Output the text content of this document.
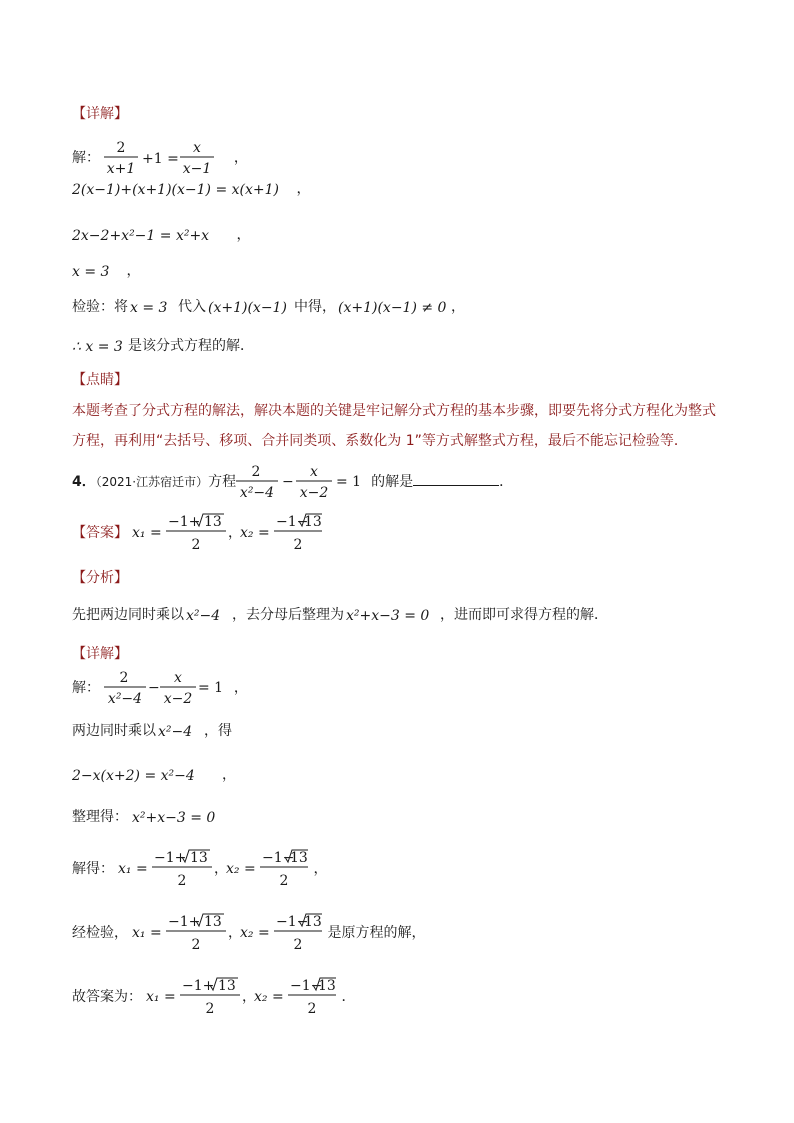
【详解】
解：
2
x+1
+1 =
x
x−1
，
2(x−1)+(x+1)(x−1) = x(x+1) ，
2x−2+x²−1 = x²+x ，
x = 3 ，
检验：将 x = 3 代入 (x+1)(x−1) 中得， (x+1)(x−1) ≠ 0 ，
∴ x = 3 是该分式方程的解．
【点睛】
本题考查了分式方程的解法，解决本题的关键是牢记解分式方程的基本步骤，即要先将分式方程化为整式方程，再利用“去括号、移项、合并同类项、系数化为 1”等方式解整式方程，最后不能忘记检验等．
4．（2021·江苏宿迁市）方程
2
x²−4
−
x
x−2
= 1 的解是	．
【答案】 x₁ =
−1+ 13
2
，
x₂ =
−1−
13
2
【分析】
先把两边同时乘以 x²−4 ，去分母后整理为 x²+x−3 = 0 ，进而即可求得方程的解．
【详解】
解：
2
x²−4
−
x
x−2
= 1 ，
两边同时乘以 x²−4 ，得
2−x(x+2) = x²−4 ，
整理得： x²+x−3 = 0
解得： x₁ =
−1+ 13
2
，
x₂ =
−1−
13
2
，
经检验， x₁ =
−1+ 13
2
，
x₂ =
−1−
13
2
是原方程的解，
故答案为： x₁ =
−1+ 13
2
，
x₂ =
−1−
13
2
．
